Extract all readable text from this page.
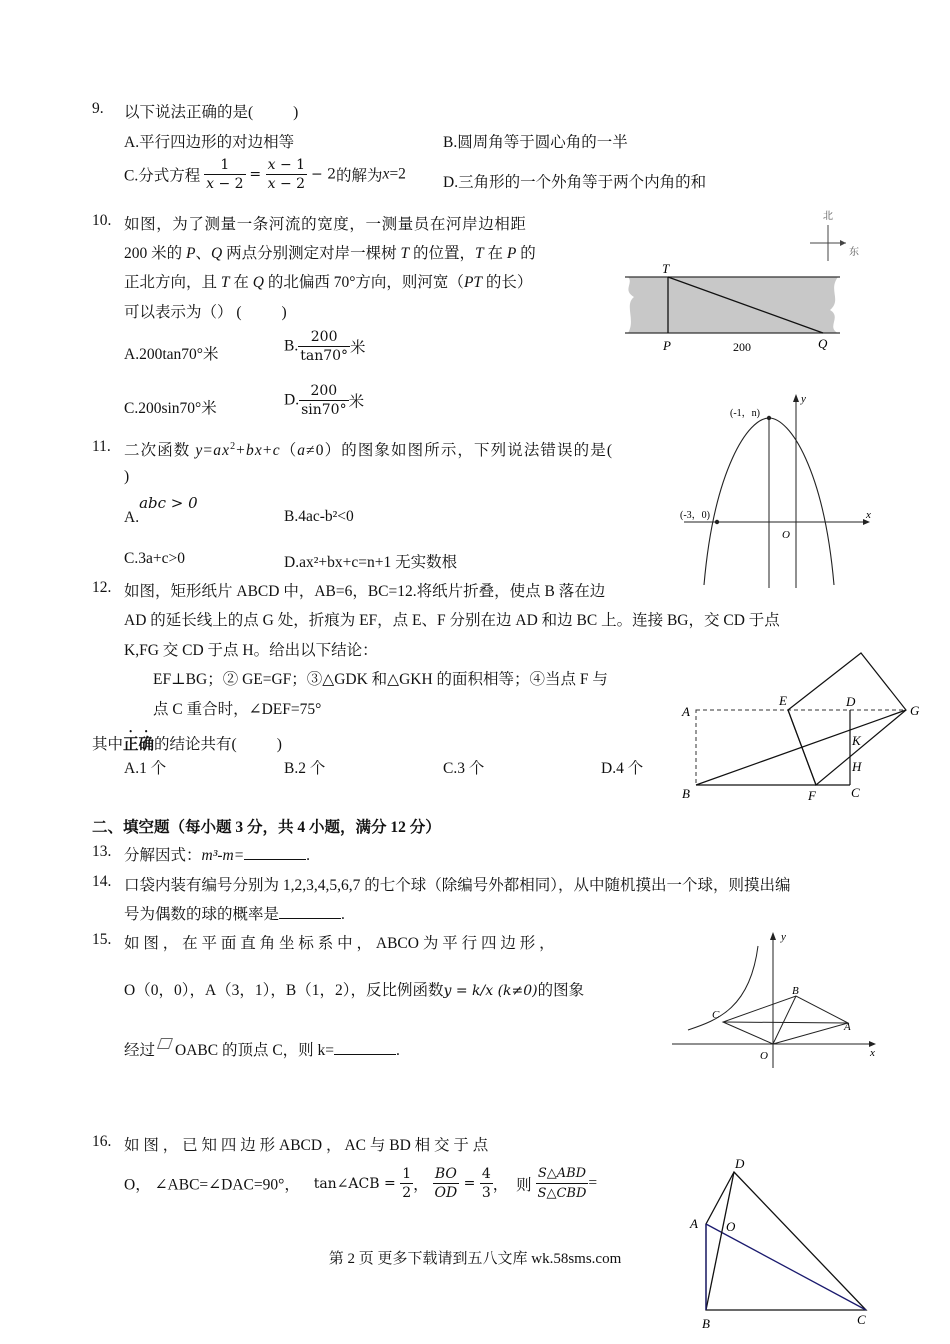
9. 以下说法正确的是(	)
A.平行四边形的对边相等	B.圆周角等于圆心角的一半
C.分式方程 $\frac{1}{x - 2} = \frac{x - 1}{x - 2} - 2$的解为x=2 D.三角形的一个外角等于两个内角的和
10. 如图，为了测量一条河流的宽度，一测量员在河岸边相距
200 米的 P、Q 两点分别测定对岸一棵树 T 的位置，T 在 P 的
正北方向，且 T 在 Q 的北偏西 70°方向，则河宽（PT 的长）
可以表示为（） (	)
A.200tan70°米	B. $\frac{200}{\tan 70^\circ}$ 米
C.200sin70°米	D. $\frac{200}{\sin 70^\circ}$ 米
T
P	Q
200
北
东
11. 二次函数 $y=ax^2+bx+c(a\ne 0)$的图象如图所示，下列说法错误的是(
)
A.abc > 0
B.4ac-b²<0
C.3a+c>0	D.ax²+bx+c=n+1 无实数根
(-1，n)
(-3，0)
O
x
y
12. 如图，矩形纸片 ABCD 中，AB=6，BC=12.将纸片折叠，使点 B 落在边
AD 的延长线上的点 G 处，折痕为 EF，点 E、F 分别在边 AD 和边 BC 上。连接 BG，交 CD 于点
K,FG 交 CD 于点 H。给出以下结论：
EF⊥BG；② GE=GF；③△GDK 和△GKH 的面积相等；④当点 F 与
点 C 重合时，∠DEF=75°
其中正确的结论共有(	)
A.1 个	B.2 个	C.3 个	D.4 个
A
B	C
D
E
F
G
H
K
二、填空题（每小题 3 分，共 4 小题，满分 12 分）
13. 分解因式：m³-m=	.
14. 口袋内装有编号分别为 1,2,3,4,5,6,7 的七个球（除编号外都相同），从中随机摸出一个球，则摸出编
号为偶数的球的概率是	.
15. 如 图 ， 在 平 面 直 角 坐 标 系 中 ， ABCO 为 平 行 四 边 形 ，
O（0，0），A（3，1），B（1，2），反比例函数y = k/x (k≠0)的图象
经过 OABC 的顶点 C，则 k=	.
B
C
A
O	x
y
16. 如 图 ， 已 知 四 边 形 ABCD ， AC 与 BD 相 交 于 点
O， ∠ABC=∠DAC=90°， tan∠ACB = $\frac{1}{2}$ ， $\frac{BO}{OD} = \frac{4}{3}$ ， 则 $\frac{\text{S△ABD}}{\text{S△CBD}}$ =
D
A O
B	C
第 2 页 更多下载请到五八文库 wk.58sms.com
